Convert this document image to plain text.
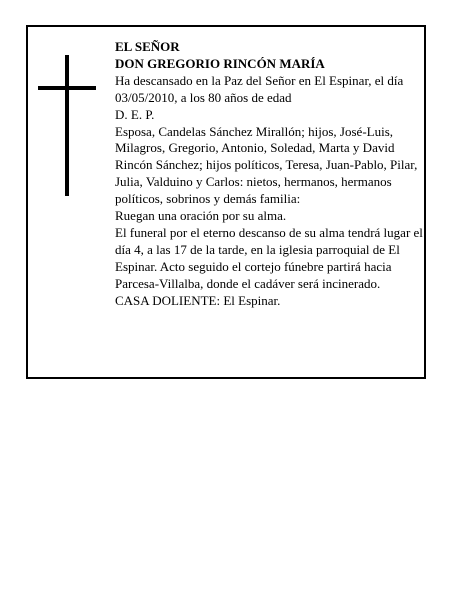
EL SEÑOR

DON GREGORIO RINCÓN MARÍA

Ha descansado en la Paz del Señor en El Espinar, el día 03/05/2010, a los 80 años de edad

D. E. P.

Esposa, Candelas Sánchez Mirallón; hijos, José-Luis, Milagros, Gregorio, Antonio, Soledad, Marta y David Rincón Sánchez; hijos políticos, Teresa, Juan-Pablo, Pilar, Julia, Valduino y Carlos: nietos, hermanos, hermanos políticos, sobrinos y demás familia:

Ruegan una oración por su alma.

El funeral por el eterno descanso de su alma tendrá lugar el día 4, a las 17 de la tarde, en la iglesia parroquial de El Espinar. Acto seguido el cortejo fúnebre partirá hacia Parcesa-Villalba, donde el cadáver será incinerado.

CASA DOLIENTE: El Espinar.
